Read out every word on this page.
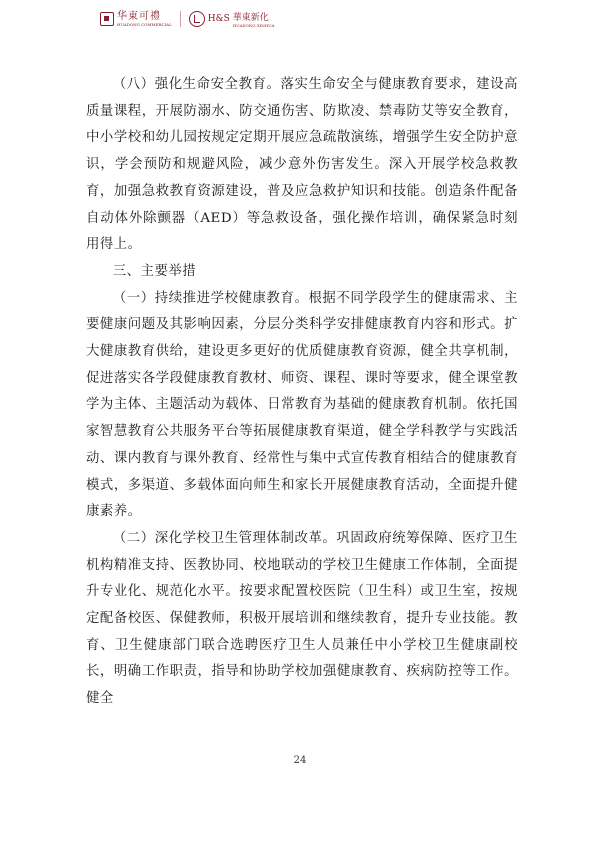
华東可禮
HUADONG COMMERCIAL	H&S 華東新化
HUADONG XINHUA

（八）强化生命安全教育。落实生命安全与健康教育要求，建设高质量课程，开展防溺水、防交通伤害、防欺凌、禁毒防艾等安全教育，中小学校和幼儿园按规定定期开展应急疏散演练，增强学生安全防护意识，学会预防和规避风险，减少意外伤害发生。深入开展学校急救教育，加强急救教育资源建设，普及应急救护知识和技能。创造条件配备自动体外除颤器（AED）等急救设备，强化操作培训，确保紧急时刻用得上。

三、主要举措

（一）持续推进学校健康教育。根据不同学段学生的健康需求、主要健康问题及其影响因素，分层分类科学安排健康教育内容和形式。扩大健康教育供给，建设更多更好的优质健康教育资源，健全共享机制，促进落实各学段健康教育教材、师资、课程、课时等要求，健全课堂教学为主体、主题活动为载体、日常教育为基础的健康教育机制。依托国家智慧教育公共服务平台等拓展健康教育渠道，健全学科教学与实践活动、课内教育与课外教育、经常性与集中式宣传教育相结合的健康教育模式，多渠道、多载体面向师生和家长开展健康教育活动，全面提升健康素养。

（二）深化学校卫生管理体制改革。巩固政府统筹保障、医疗卫生机构精准支持、医教协同、校地联动的学校卫生健康工作体制，全面提升专业化、规范化水平。按要求配置校医院（卫生科）或卫生室，按规定配备校医、保健教师，积极开展培训和继续教育，提升专业技能。教育、卫生健康部门联合选聘医疗卫生人员兼任中小学校卫生健康副校长，明确工作职责，指导和协助学校加强健康教育、疾病防控等工作。健全

24
